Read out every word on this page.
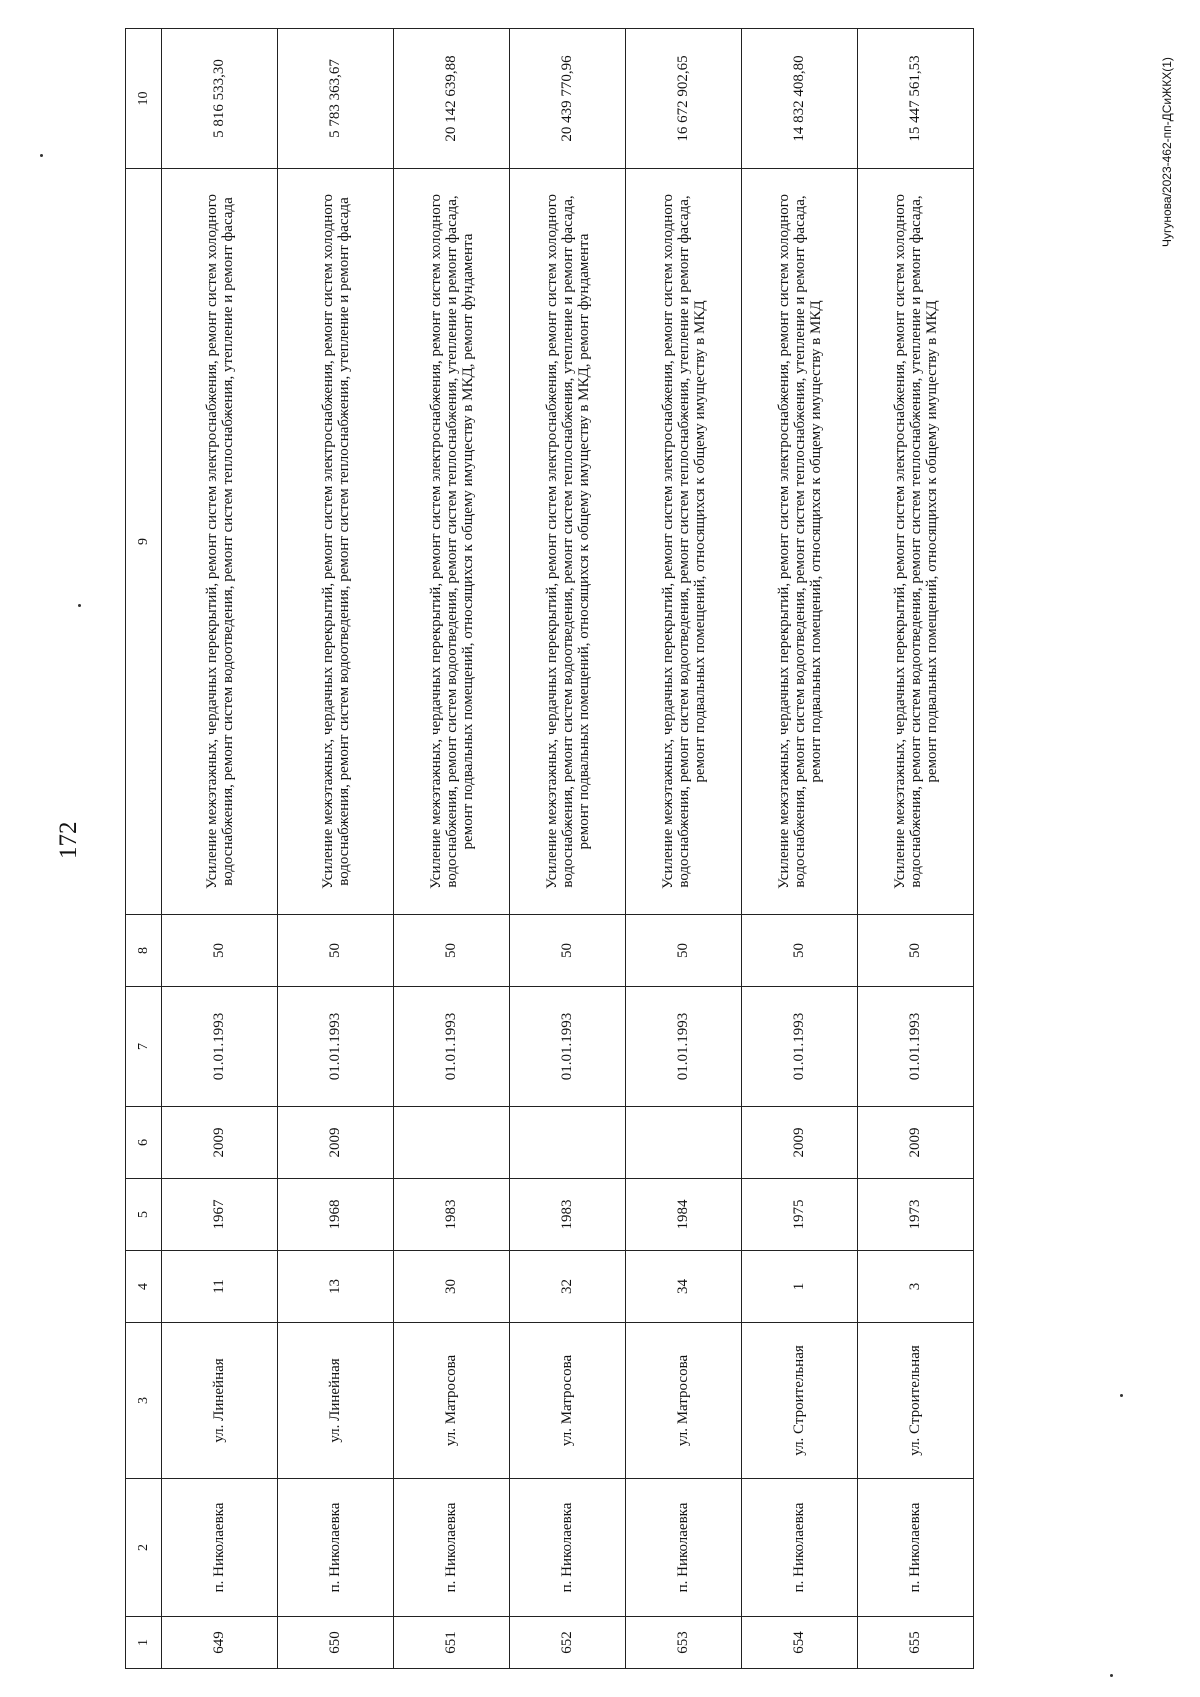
172
1	2	3	4	5	6	7	8	9	10
649	п. Николаевка	ул. Линейная	11	1967	2009	01.01.1993	50	Усиление межэтажных, чердачных перекрытий, ремонт систем электроснабжения, ремонт систем холодного водоснабжения, ремонт систем водоотведения, ремонт систем теплоснабжения, утепление и ремонт фасада	5 816 533,30
650	п. Николаевка	ул. Линейная	13	1968	2009	01.01.1993	50	Усиление межэтажных, чердачных перекрытий, ремонт систем электроснабжения, ремонт систем холодного водоснабжения, ремонт систем водоотведения, ремонт систем теплоснабжения, утепление и ремонт фасада	5 783 363,67
651	п. Николаевка	ул. Матросова	30	1983		01.01.1993	50	Усиление межэтажных, чердачных перекрытий, ремонт систем электроснабжения, ремонт систем холодного водоснабжения, ремонт систем водоотведения, ремонт систем теплоснабжения, утепление и ремонт фасада, ремонт подвальных помещений, относящихся к общему имуществу в МКД, ремонт фундамента	20 142 639,88
652	п. Николаевка	ул. Матросова	32	1983		01.01.1993	50	Усиление межэтажных, чердачных перекрытий, ремонт систем электроснабжения, ремонт систем холодного водоснабжения, ремонт систем водоотведения, ремонт систем теплоснабжения, утепление и ремонт фасада, ремонт подвальных помещений, относящихся к общему имуществу в МКД, ремонт фундамента	20 439 770,96
653	п. Николаевка	ул. Матросова	34	1984		01.01.1993	50	Усиление межэтажных, чердачных перекрытий, ремонт систем электроснабжения, ремонт систем холодного водоснабжения, ремонт систем водоотведения, ремонт систем теплоснабжения, утепление и ремонт фасада, ремонт подвальных помещений, относящихся к общему имуществу в МКД	16 672 902,65
654	п. Николаевка	ул. Строительная	1	1975	2009	01.01.1993	50	Усиление межэтажных, чердачных перекрытий, ремонт систем электроснабжения, ремонт систем холодного водоснабжения, ремонт систем водоотведения, ремонт систем теплоснабжения, утепление и ремонт фасада, ремонт подвальных помещений, относящихся к общему имуществу в МКД	14 832 408,80
655	п. Николаевка	ул. Строительная	3	1973	2009	01.01.1993	50	Усиление межэтажных, чердачных перекрытий, ремонт систем электроснабжения, ремонт систем холодного водоснабжения, ремонт систем водоотведения, ремонт систем теплоснабжения, утепление и ремонт фасада, ремонт подвальных помещений, относящихся к общему имуществу в МКД	15 447 561,53	Чугунова/2023-462-пп-ДСиЖКХ(1)
